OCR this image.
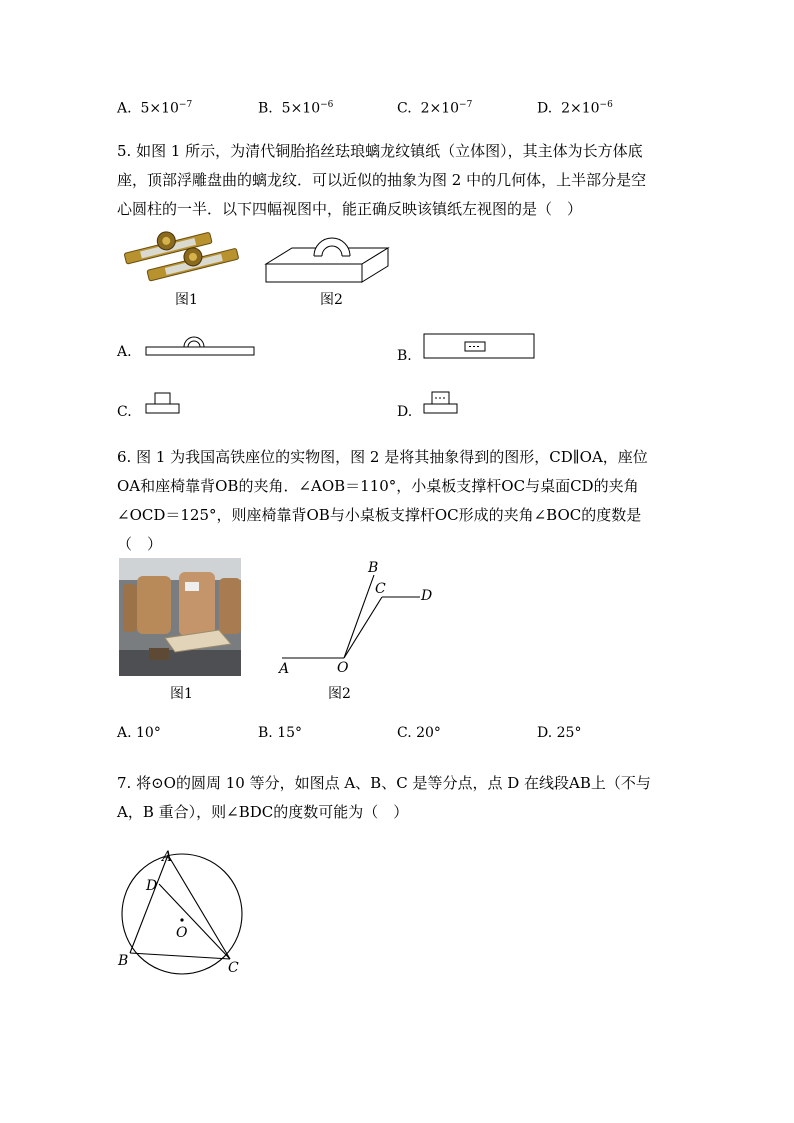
A. $5\times 10^{-7}$	B. $5\times 10^{-6}$	C. $2\times 10^{-7}$	D. $2\times 10^{-6}$

5. 如图 1 所示，为清代铜胎掐丝珐琅螭龙纹镇纸（立体图），其主体为长方体底

座，顶部浮雕盘曲的螭龙纹．可以近似的抽象为图 2 中的几何体，上半部分是空

心圆柱的一半．以下四幅视图中，能正确反映该镇纸左视图的是（　）

图1	图2
A.	B.
C.	D.

6. 图 1 为我国高铁座位的实物图，图 2 是将其抽象得到的图形，CD∥OA，座位

OA和座椅靠背OB的夹角．∠AOB＝110°，小桌板支撑杆OC与桌面CD的夹角

∠OCD＝125°，则座椅靠背OB与小桌板支撑杆OC形成的夹角∠BOC的度数是

（　）

图1
A	O
B
C	D
图2
A. 10°	B. 15°	C. 20°	D. 25°

7. 将⊙O的圆周 10 等分，如图点 A、B、C 是等分点，点 D 在线段AB上（不与

A，B 重合），则∠BDC的度数可能为（　）

A
D
O
B	C
